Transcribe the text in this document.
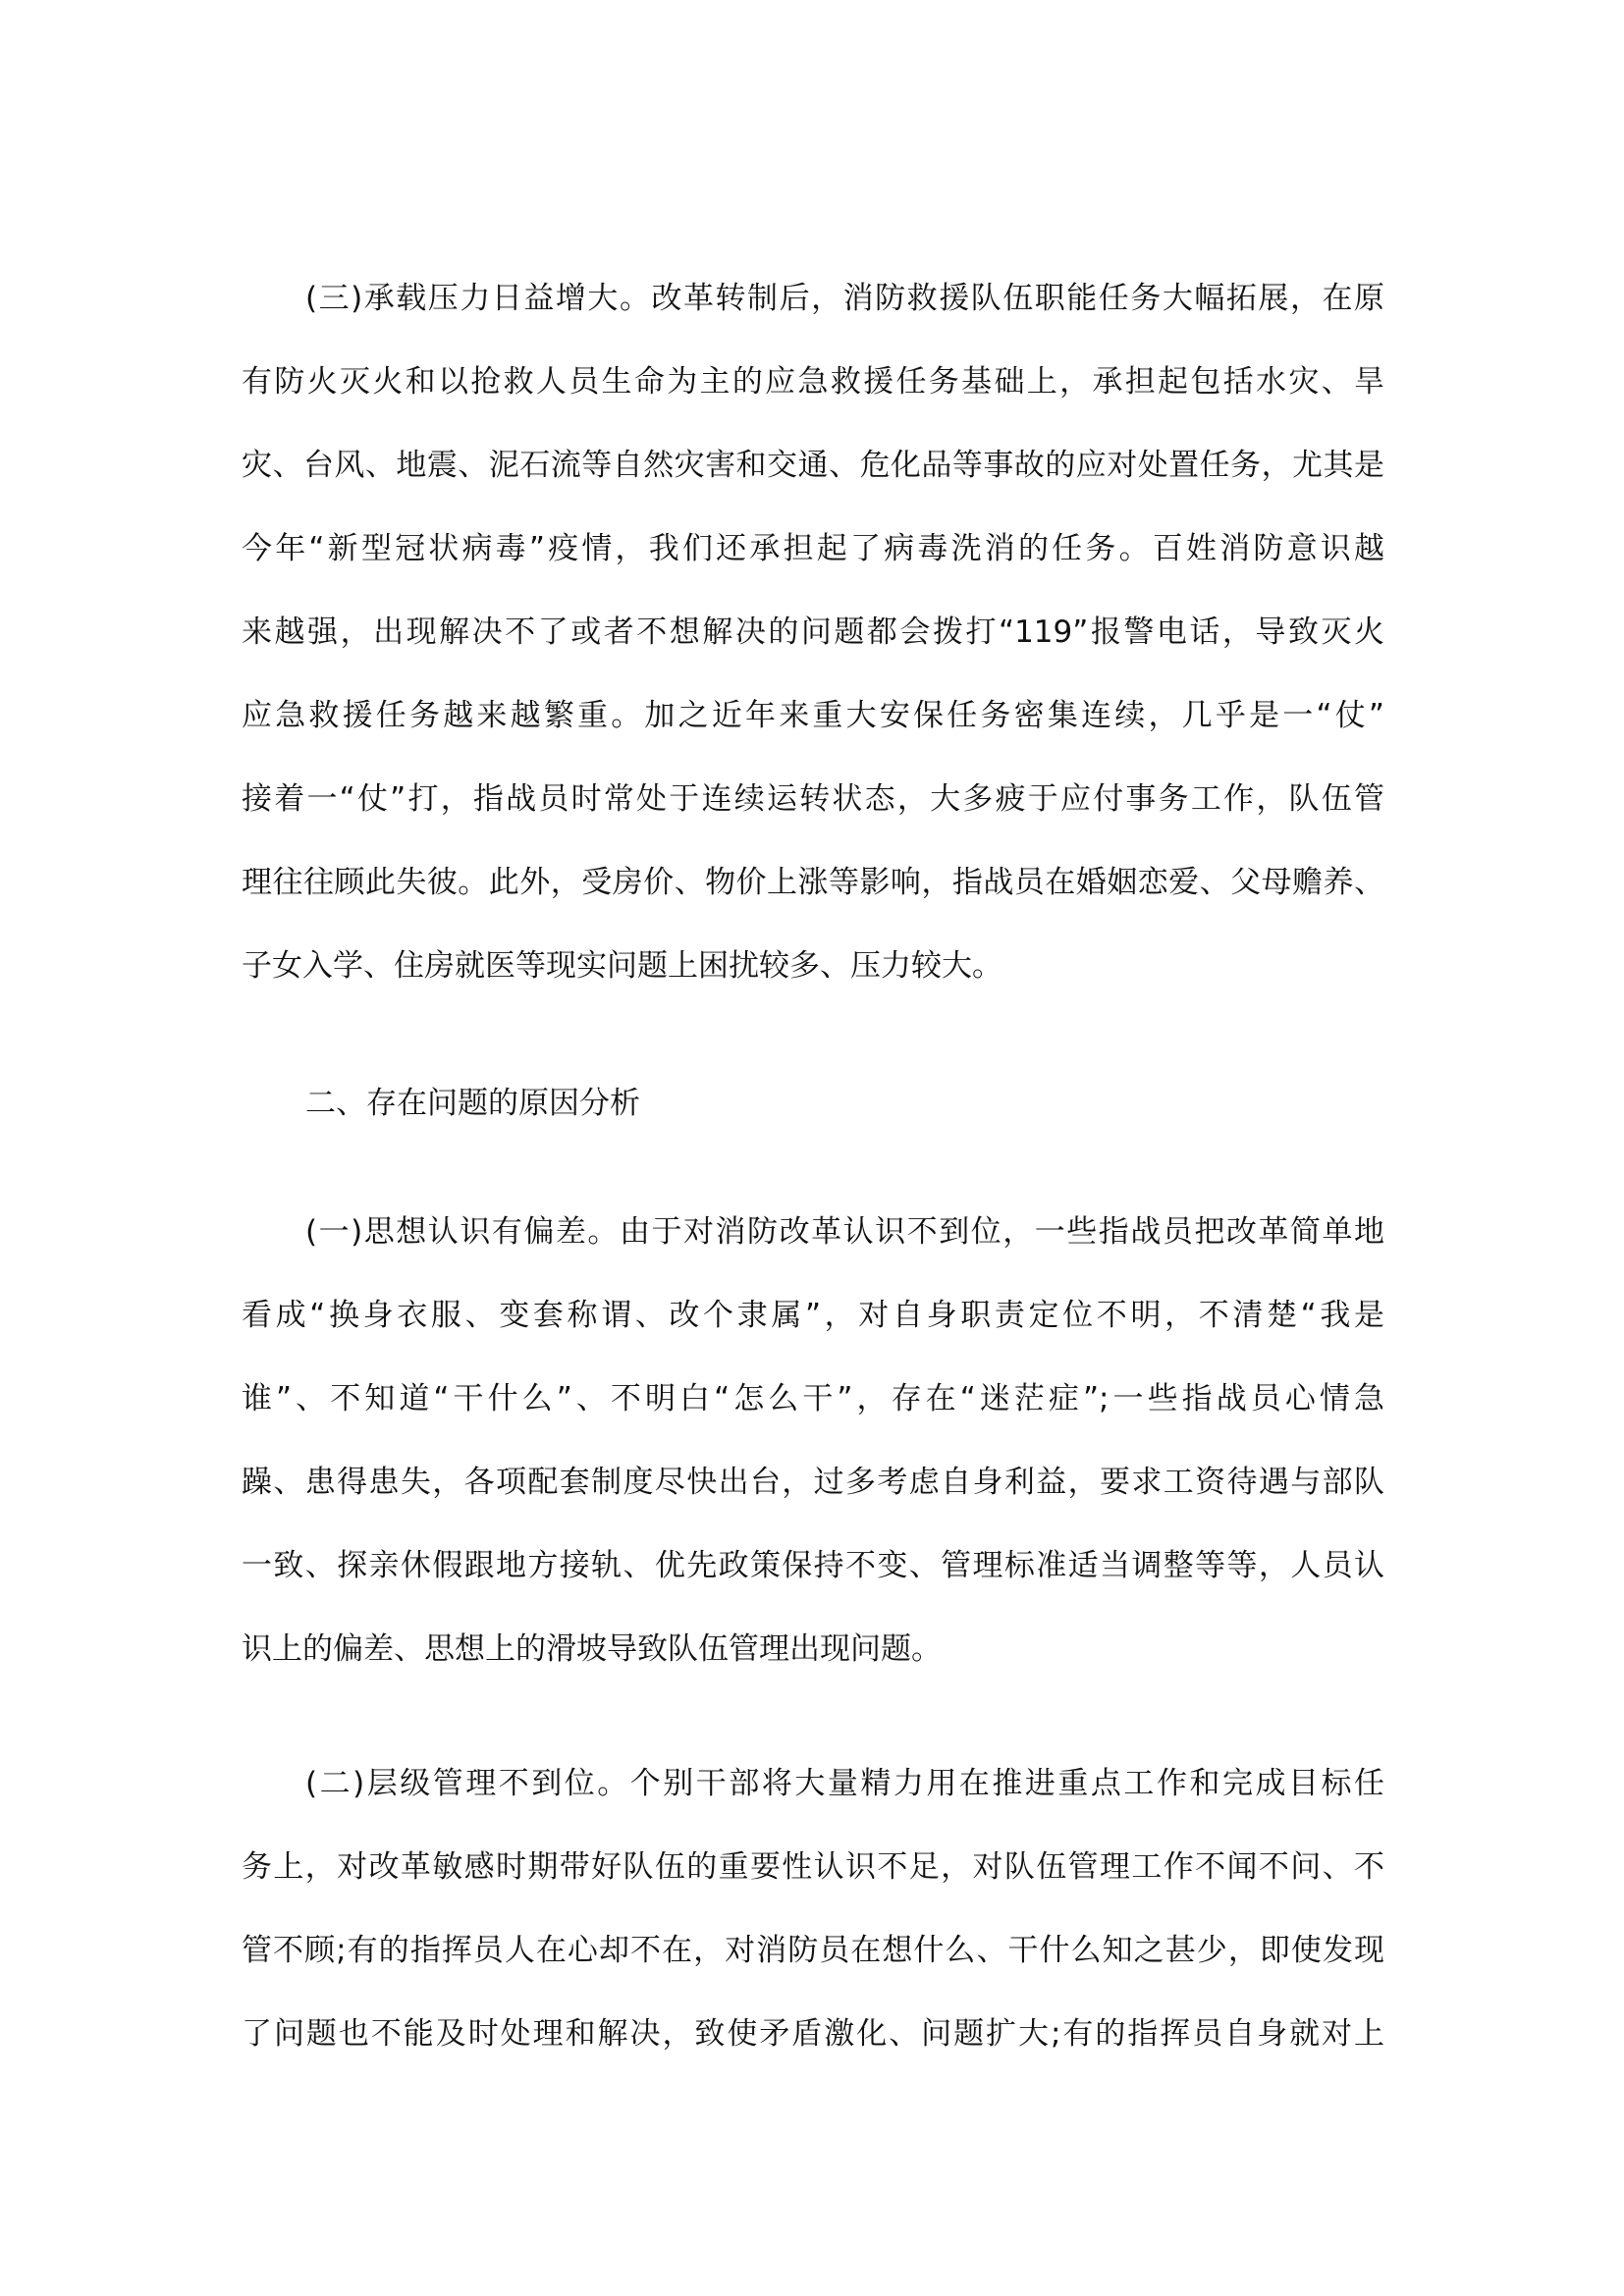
(三)承载压力日益增大。改革转制后，消防救援队伍职能任务大幅拓展，在原
有防火灭火和以抢救人员生命为主的应急救援任务基础上，承担起包括水灾、旱
灾、台风、地震、泥石流等自然灾害和交通、危化品等事故的应对处置任务，尤其是
今年“新型冠状病毒”疫情，我们还承担起了病毒洗消的任务。百姓消防意识越
来越强，出现解决不了或者不想解决的问题都会拨打“119”报警电话，导致灭火
应急救援任务越来越繁重。加之近年来重大安保任务密集连续，几乎是一“仗”
接着一“仗”打，指战员时常处于连续运转状态，大多疲于应付事务工作，队伍管
理往往顾此失彼。此外，受房价、物价上涨等影响，指战员在婚姻恋爱、父母赡养、
子女入学、住房就医等现实问题上困扰较多、压力较大。
二、存在问题的原因分析
(一)思想认识有偏差。由于对消防改革认识不到位，一些指战员把改革简单地
看成“换身衣服、变套称谓、改个隶属”，对自身职责定位不明，不清楚“我是
谁”、不知道“干什么”、不明白“怎么干”，存在“迷茫症”;一些指战员心情急
躁、患得患失，各项配套制度尽快出台，过多考虑自身利益，要求工资待遇与部队
一致、探亲休假跟地方接轨、优先政策保持不变、管理标准适当调整等等，人员认
识上的偏差、思想上的滑坡导致队伍管理出现问题。
(二)层级管理不到位。个别干部将大量精力用在推进重点工作和完成目标任
务上，对改革敏感时期带好队伍的重要性认识不足，对队伍管理工作不闻不问、不
管不顾;有的指挥员人在心却不在，对消防员在想什么、干什么知之甚少，即使发现
了问题也不能及时处理和解决，致使矛盾激化、问题扩大;有的指挥员自身就对上
